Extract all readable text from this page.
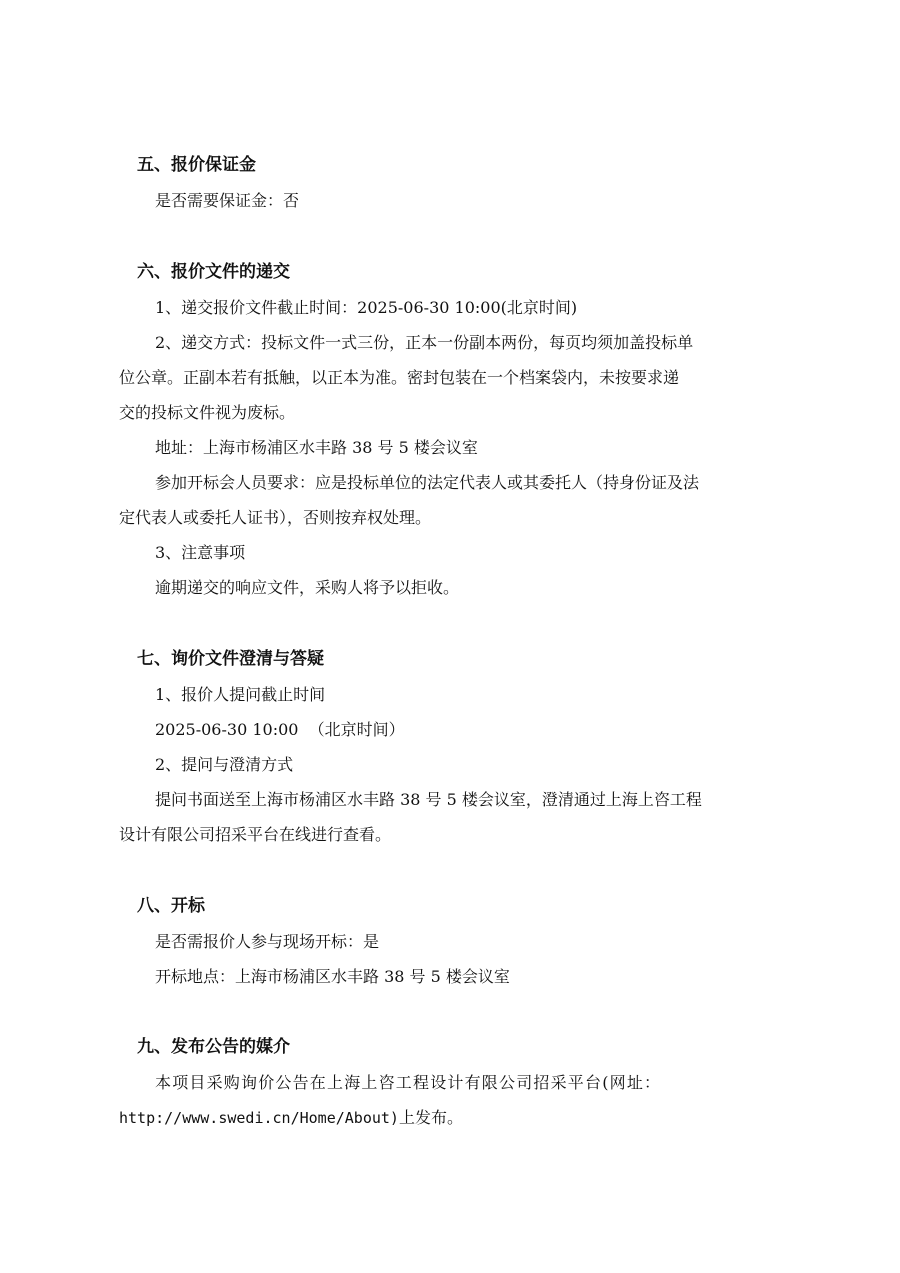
五、报价保证金

是否需要保证金：否

六、报价文件的递交

1、递交报价文件截止时间：2025-06-30 10:00(北京时间)

2、递交方式：投标文件一式三份，正本一份副本两份，每页均须加盖投标单
位公章。正副本若有抵触，以正本为准。密封包装在一个档案袋内，未按要求递
交的投标文件视为废标。

地址：上海市杨浦区水丰路 38 号 5 楼会议室

参加开标会人员要求：应是投标单位的法定代表人或其委托人（持身份证及法
定代表人或委托人证书），否则按弃权处理。

3、注意事项

逾期递交的响应文件，采购人将予以拒收。

七、询价文件澄清与答疑

1、报价人提问截止时间

2025-06-30 10:00  （北京时间）

2、提问与澄清方式

提问书面送至上海市杨浦区水丰路 38 号 5 楼会议室，澄清通过上海上咨工程
设计有限公司招采平台在线进行查看。

八、开标

是否需报价人参与现场开标：是

开标地点：上海市杨浦区水丰路 38 号 5 楼会议室

九、发布公告的媒介

本项目采购询价公告在上海上咨工程设计有限公司招采平台(网址：
http://www.swedi.cn/Home/About)上发布。
